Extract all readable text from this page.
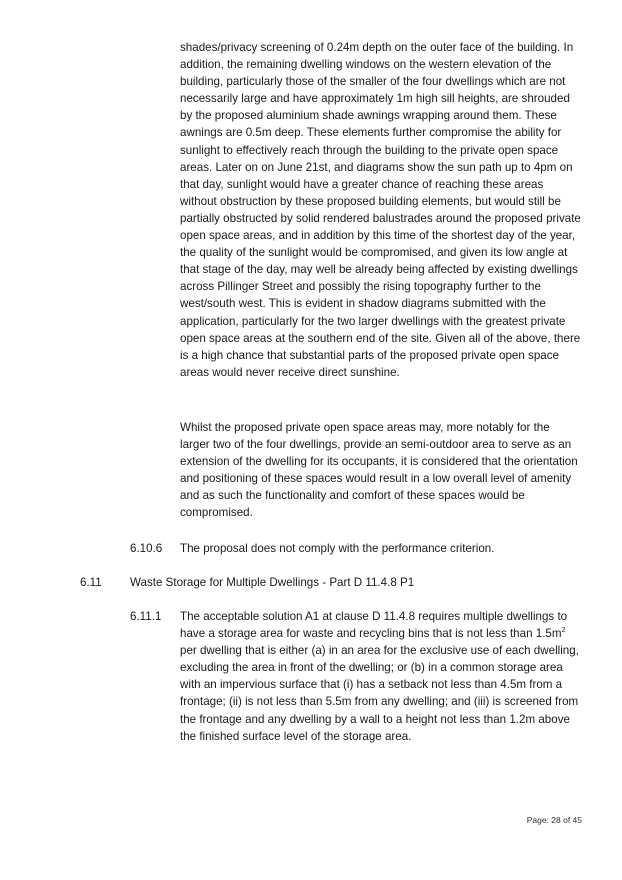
shades/privacy screening of 0.24m depth on the outer face of the building. In addition, the remaining dwelling windows on the western elevation of the building, particularly those of the smaller of the four dwellings which are not necessarily large and have approximately 1m high sill heights, are shrouded by the proposed aluminium shade awnings wrapping around them. These awnings are 0.5m deep. These elements further compromise the ability for sunlight to effectively reach through the building to the private open space areas. Later on on June 21st, and diagrams show the sun path up to 4pm on that day, sunlight would have a greater chance of reaching these areas without obstruction by these proposed building elements, but would still be partially obstructed by solid rendered balustrades around the proposed private open space areas, and in addition by this time of the shortest day of the year, the quality of the sunlight would be compromised, and given its low angle at that stage of the day, may well be already being affected by existing dwellings across Pillinger Street and possibly the rising topography further to the west/south west. This is evident in shadow diagrams submitted with the application, particularly for the two larger dwellings with the greatest private open space areas at the southern end of the site. Given all of the above, there is a high chance that substantial parts of the proposed private open space areas would never receive direct sunshine.

Whilst the proposed private open space areas may, more notably for the larger two of the four dwellings, provide an semi-outdoor area to serve as an extension of the dwelling for its occupants, it is considered that the orientation and positioning of these spaces would result in a low overall level of amenity and as such the functionality and comfort of these spaces would be compromised.

6.10.6 The proposal does not comply with the performance criterion.
6.11 Waste Storage for Multiple Dwellings - Part D 11.4.8 P1
6.11.1 The acceptable solution A1 at clause D 11.4.8 requires multiple dwellings to have a storage area for waste and recycling bins that is not less than $1.5m^2$ per dwelling that is either (a) in an area for the exclusive use of each dwelling, excluding the area in front of the dwelling; or (b) in a common storage area with an impervious surface that (i) has a setback not less than 4.5m from a frontage; (ii) is not less than 5.5m from any dwelling; and (iii) is screened from the frontage and any dwelling by a wall to a height not less than 1.2m above the finished surface level of the storage area.

Page: 28 of 45
